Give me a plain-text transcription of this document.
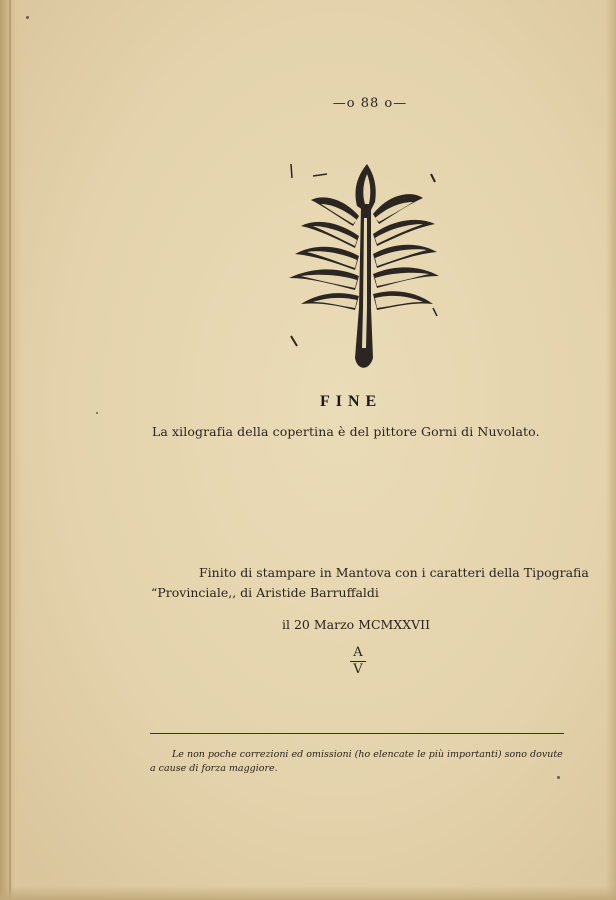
—o 88 o—
FINE
La xilografia della copertina è del pittore Gorni di Nuvolato.
Finito di stampare in Mantova con i caratteri della Tipografia
“Provinciale,, di Aristide Barruffaldi
il 20 Marzo MCMXXVII
A
V
Le non poche correzioni ed omissioni (ho elencate le più importanti) sono dovute a cause di forza maggiore.
